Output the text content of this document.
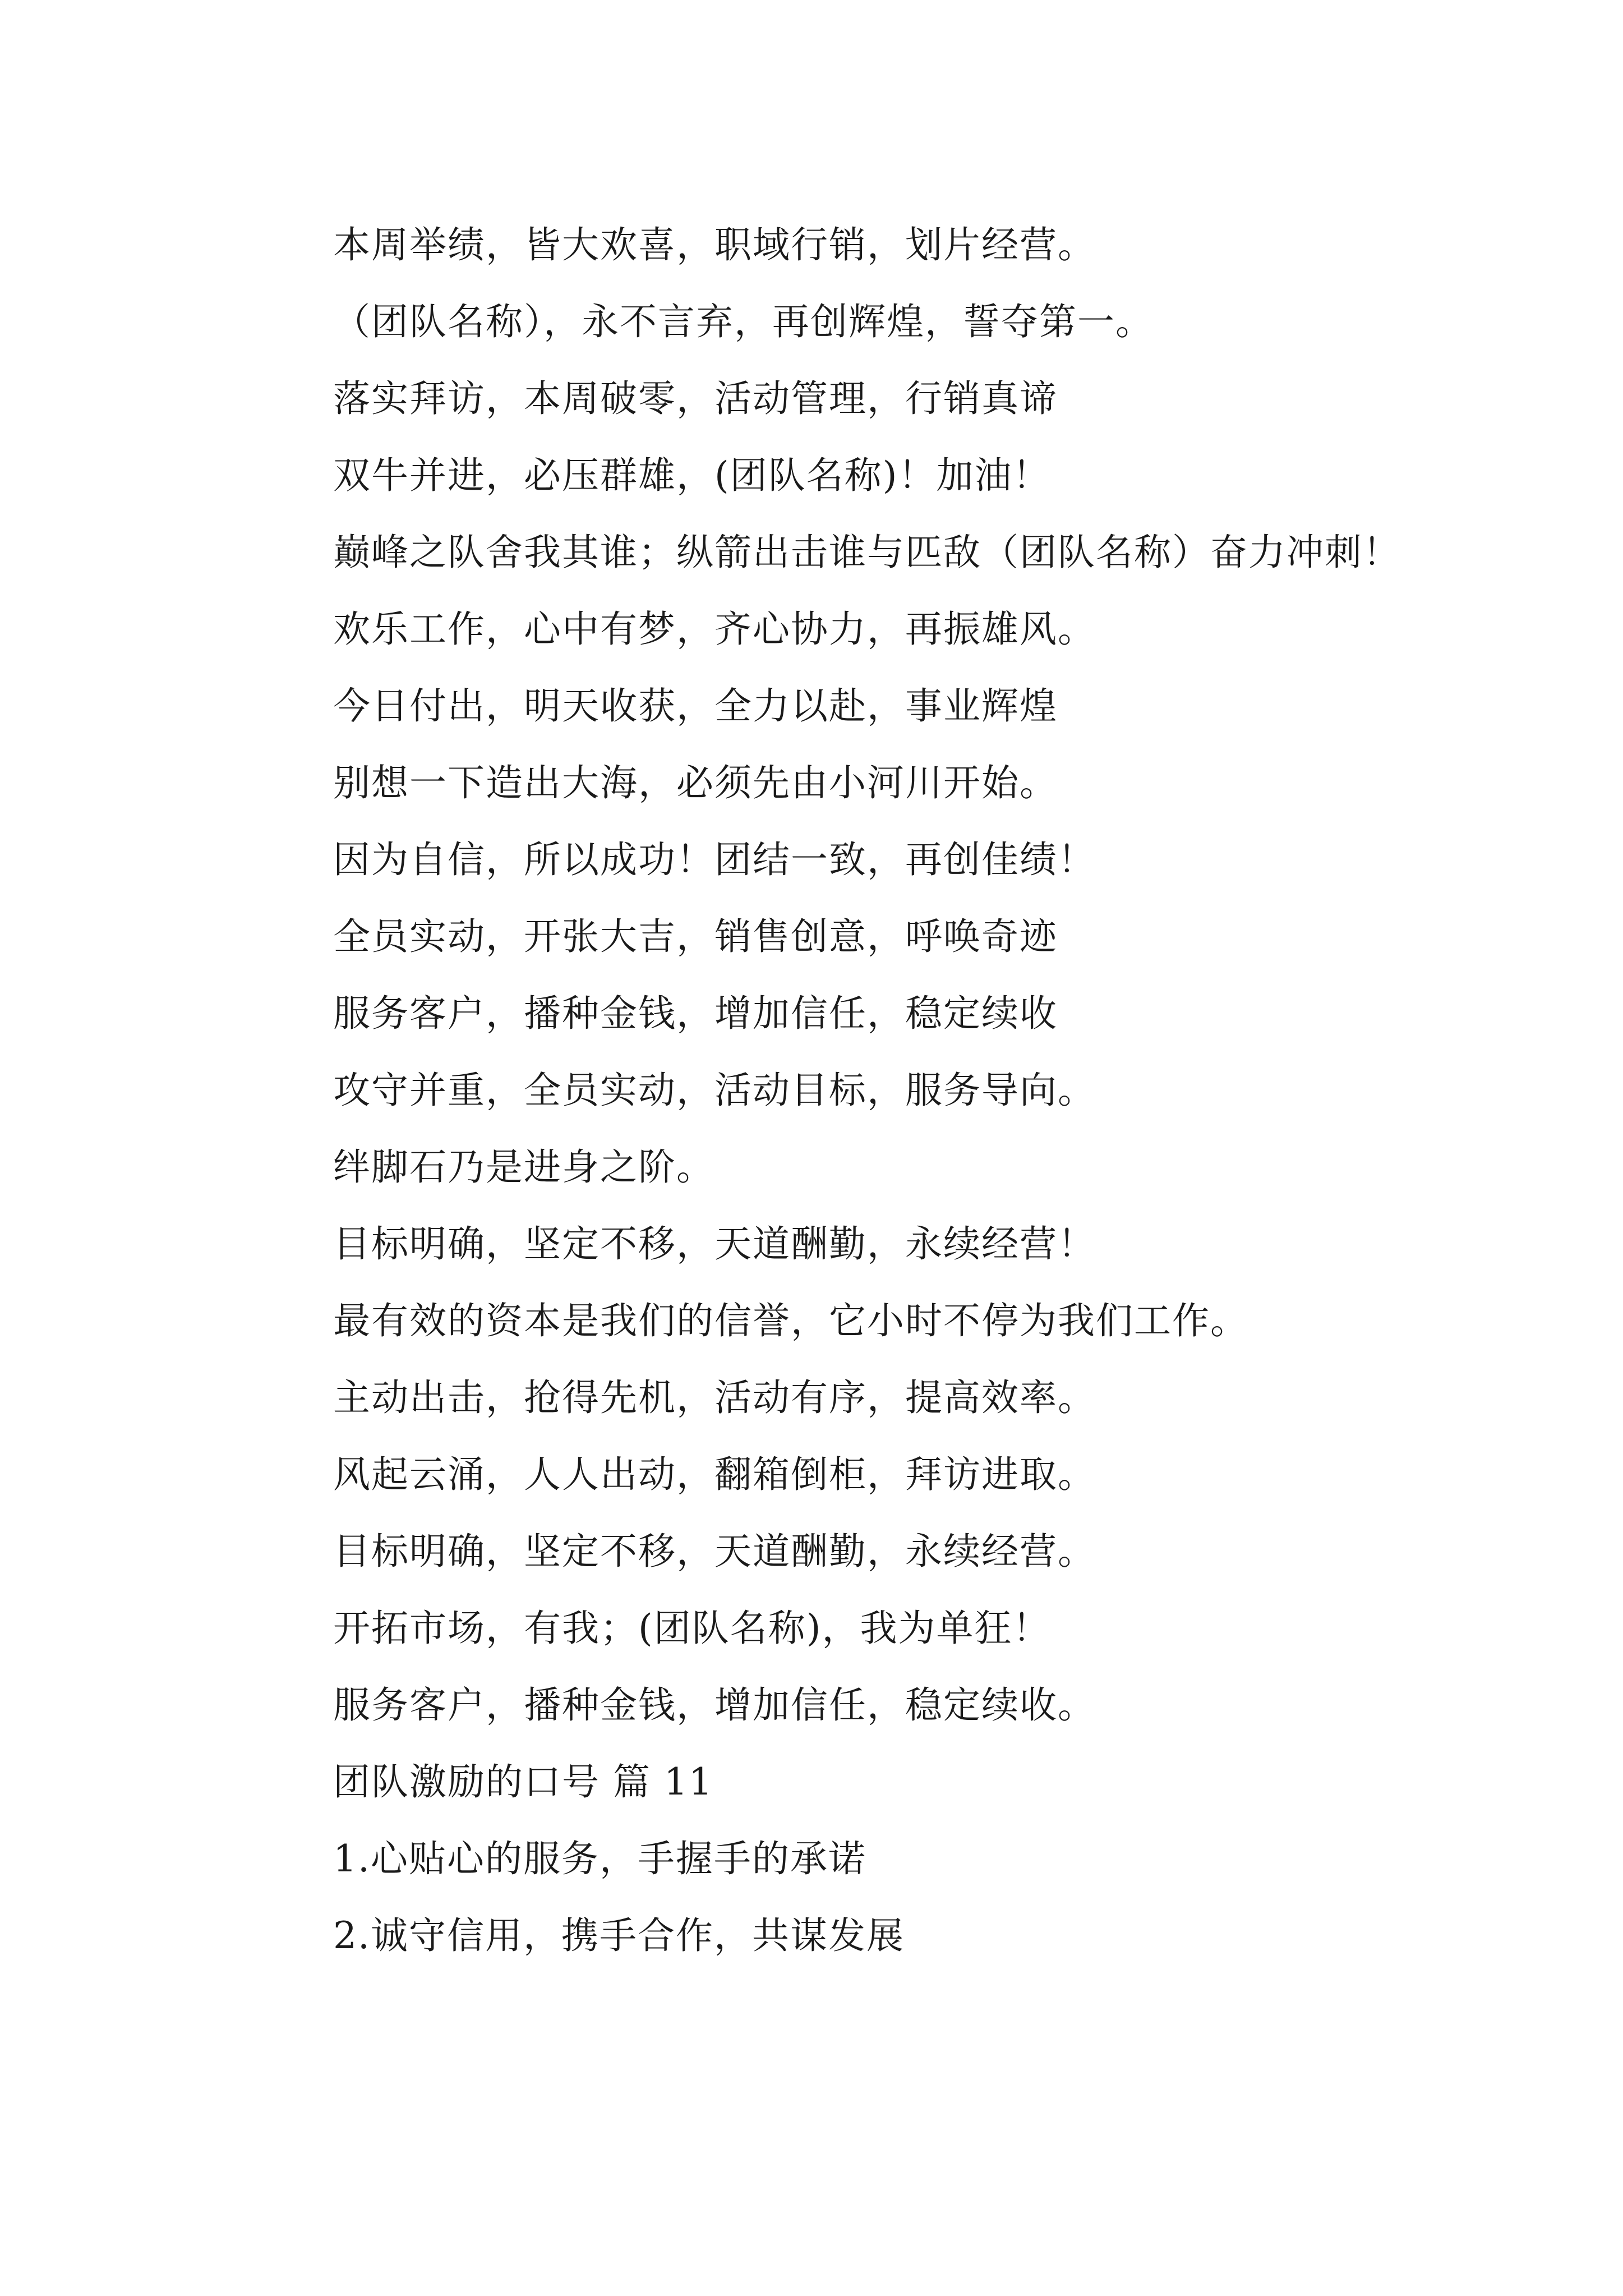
本周举绩，皆大欢喜，职域行销，划片经营。

（团队名称），永不言弃，再创辉煌，誓夺第一。

落实拜访，本周破零，活动管理，行销真谛

双牛并进，必压群雄，(团队名称)！加油！

巅峰之队舍我其谁；纵箭出击谁与匹敌（团队名称）奋力冲刺！

欢乐工作，心中有梦，齐心协力，再振雄风。

今日付出，明天收获，全力以赴，事业辉煌

别想一下造出大海，必须先由小河川开始。

因为自信，所以成功！团结一致，再创佳绩！

全员实动，开张大吉，销售创意，呼唤奇迹

服务客户，播种金钱，增加信任，稳定续收

攻守并重，全员实动，活动目标，服务导向。

绊脚石乃是进身之阶。

目标明确，坚定不移，天道酬勤，永续经营！

最有效的资本是我们的信誉，它小时不停为我们工作。

主动出击，抢得先机，活动有序，提高效率。

风起云涌，人人出动，翻箱倒柜，拜访进取。

目标明确，坚定不移，天道酬勤，永续经营。

开拓市场，有我；(团队名称)，我为单狂！

服务客户，播种金钱，增加信任，稳定续收。

团队激励的口号 篇 11

1.心贴心的服务，手握手的承诺

2.诚守信用，携手合作，共谋发展
